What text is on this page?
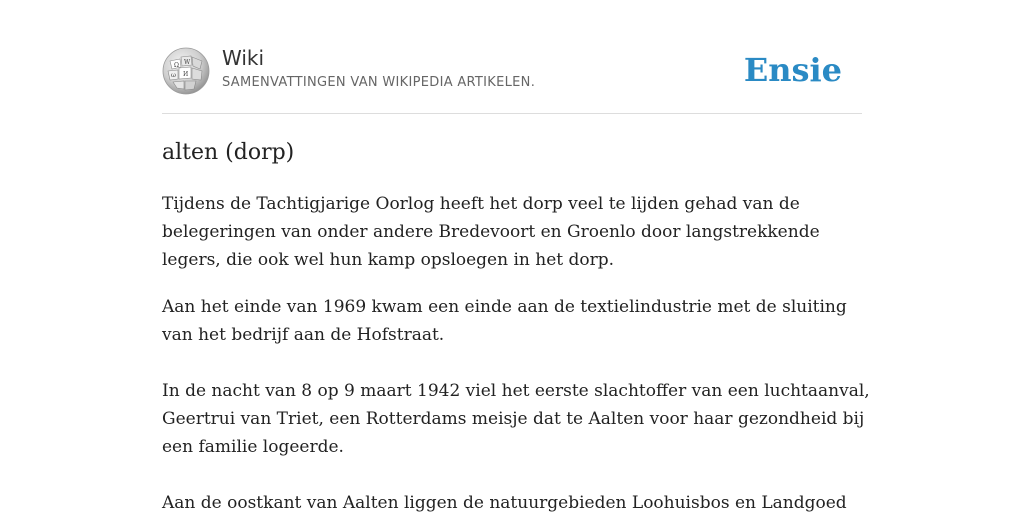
Ω W
И
ω
Wiki
SAMENVATTINGEN VAN WIKIPEDIA ARTIKELEN.	Ensie
alten (dorp)

Tijdens de Tachtigjarige Oorlog heeft het dorp veel te lijden gehad van de
belegeringen van onder andere Bredevoort en Groenlo door langstrekkende
legers, die ook wel hun kamp opsloegen in het dorp.

Aan het einde van 1969 kwam een einde aan de textielindustrie met de sluiting
van het bedrijf aan de Hofstraat.

In de nacht van 8 op 9 maart 1942 viel het eerste slachtoffer van een luchtaanval,
Geertrui van Triet, een Rotterdams meisje dat te Aalten voor haar gezondheid bij
een familie logeerde.

Aan de oostkant van Aalten liggen de natuurgebieden Loohuisbos en Landgoed
